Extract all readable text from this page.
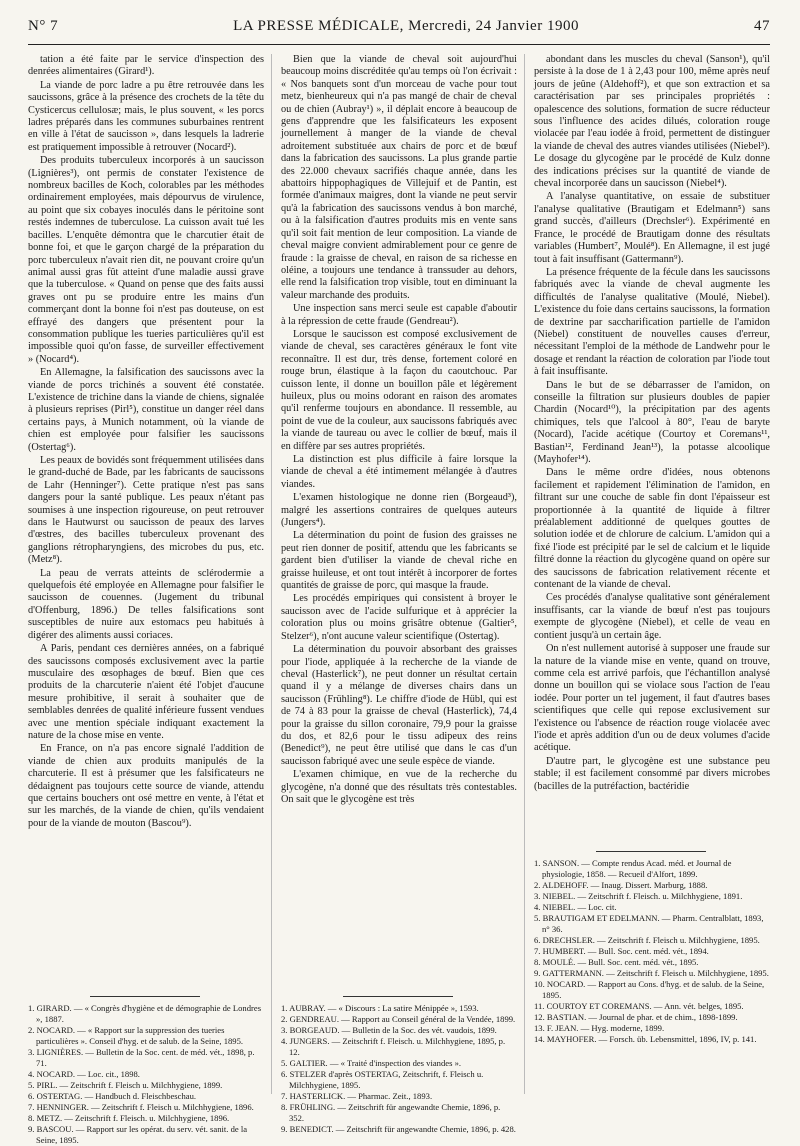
N° 7	LA PRESSE MÉDICALE, Mercredi, 24 Janvier 1900	47

tation a été faite par le service d'inspection des denrées alimentaires (Girard¹).

La viande de porc ladre a pu être retrouvée dans les saucissons, grâce à la présence des crochets de la tête du Cysticercus cellulosæ; mais, le plus souvent, « les porcs ladres préparés dans les communes suburbaines rentrent en ville à l'état de saucisson », dans lesquels la ladrerie est pratiquement impossible à retrouver (Nocard²).

Des produits tuberculeux incorporés à un saucisson (Lignières³), ont permis de constater l'existence de nombreux bacilles de Koch, colorables par les méthodes ordinairement employées, mais dépourvus de virulence, au point que six cobayes inoculés dans le péritoine sont restés indemnes de tuberculose. La cuisson avait tué les bacilles. L'enquête démontra que le charcutier était de bonne foi, et que le garçon chargé de la préparation du porc tuberculeux n'avait rien dit, ne pouvant croire qu'un animal aussi gras fût atteint d'une maladie aussi grave que la tuberculose. « Quand on pense que des faits aussi graves ont pu se produire entre les mains d'un commerçant dont la bonne foi n'est pas douteuse, on est effrayé des dangers que présentent pour la consommation publique les tueries particulières qu'il est impossible quoi qu'on fasse, de surveiller effectivement » (Nocard⁴).

En Allemagne, la falsification des saucissons avec la viande de porcs trichinés a souvent été constatée. L'existence de trichine dans la viande de chiens, signalée à plusieurs reprises (Pirl⁵), constitue un danger réel dans certains pays, à Munich notamment, où la viande de chien est employée pour falsifier les saucissons (Ostertag⁶).

Les peaux de bovidés sont fréquemment utilisées dans le grand-duché de Bade, par les fabricants de saucissons de Lahr (Henninger⁷). Cette pratique n'est pas sans dangers pour la santé publique. Les peaux n'étant pas soumises à une inspection rigoureuse, on peut retrouver dans le Hautwurst ou saucisson de peaux des larves d'œstres, des bacilles tuberculeux provenant des ganglions rétropharyngiens, des microbes du pus, etc. (Metz⁸).

La peau de verrats atteints de sclérodermie a quelquefois été employée en Allemagne pour falsifier le saucisson de couennes. (Jugement du tribunal d'Offenburg, 1896.) De telles falsifications sont susceptibles de nuire aux estomacs peu habitués à digérer des aliments aussi coriaces.

A Paris, pendant ces dernières années, on a fabriqué des saucissons composés exclusivement avec la partie musculaire des œsophages de bœuf. Bien que ces produits de la charcuterie n'aient été l'objet d'aucune mesure prohibitive, il serait à souhaiter que de semblables denrées de qualité inférieure fussent vendues avec une mention spéciale indiquant exactement la nature de la chose mise en vente.

En France, on n'a pas encore signalé l'addition de viande de chien aux produits manipulés de la charcuterie. Il est à présumer que les falsificateurs ne dédaignent pas toujours cette source de viande, attendu que certains bouchers ont osé mettre en vente, à l'état et sur les marchés, de la viande de chien, qu'ils vendaient pour de la viande de mouton (Bascou⁹).

Bien que la viande de cheval soit aujourd'hui beaucoup moins discréditée qu'au temps où l'on écrivait : « Nos banquets sont d'un morceau de vache pour tout metz, bienheureux qui n'a pas mangé de chair de cheval ou de chien (Aubray¹) », il déplait encore à beaucoup de gens d'apprendre que les falsificateurs les exposent journellement à manger de la viande de cheval adroitement substituée aux chairs de porc et de bœuf dans la fabrication des saucissons. La plus grande partie des 22.000 chevaux sacrifiés chaque année, dans les abattoirs hippophagiques de Villejuif et de Pantin, est formée d'animaux maigres, dont la viande ne peut servir qu'à la fabrication des saucissons vendus à bon marché, ou à la falsification d'autres produits mis en vente sans qu'il soit fait mention de leur composition. La viande de cheval maigre convient admirablement pour ce genre de fraude : la graisse de cheval, en raison de sa richesse en oléine, a toujours une tendance à transsuder au dehors, elle rend la falsification trop visible, tout en diminuant la valeur marchande des produits.

Une inspection sans merci seule est capable d'aboutir à la répression de cette fraude (Gendreau²).

Lorsque le saucisson est composé exclusivement de viande de cheval, ses caractères généraux le font vite reconnaître. Il est dur, très dense, fortement coloré en rouge brun, élastique à la façon du caoutchouc. Par cuisson lente, il donne un bouillon pâle et légèrement huileux, plus ou moins odorant en raison des aromates qu'il renferme toujours en abondance. Il ressemble, au point de vue de la couleur, aux saucissons fabriqués avec la viande de taureau ou avec le collier de bœuf, mais il en diffère par ses autres propriétés.

La distinction est plus difficile à faire lorsque la viande de cheval a été intimement mélangée à d'autres viandes.

L'examen histologique ne donne rien (Borgeaud³), malgré les assertions contraires de quelques auteurs (Jungers⁴).

La détermination du point de fusion des graisses ne peut rien donner de positif, attendu que les fabricants se gardent bien d'utiliser la viande de cheval riche en graisse huileuse, et ont tout intérêt à incorporer de fortes quantités de graisse de porc, qui masque la fraude.

Les procédés empiriques qui consistent à broyer le saucisson avec de l'acide sulfurique et à apprécier la coloration plus ou moins grisâtre obtenue (Galtier⁵, Stelzer⁶), n'ont aucune valeur scientifique (Ostertag).

La détermination du pouvoir absorbant des graisses pour l'iode, appliquée à la recherche de la viande de cheval (Hasterlick⁷), ne peut donner un résultat certain quand il y a mélange de diverses chairs dans un saucisson (Frühling⁸). Le chiffre d'iode de Hübl, qui est de 74 à 83 pour la graisse de cheval (Hasterlick), 74,4 pour la graisse du sillon coronaire, 79,9 pour la graisse du dos, et 82,6 pour le tissu adipeux des reins (Benedict⁹), ne peut être utilisé que dans le cas d'un saucisson fabriqué avec une seule espèce de viande.

L'examen chimique, en vue de la recherche du glycogène, n'a donné que des résultats très contestables. On sait que le glycogène est très

abondant dans les muscles du cheval (Sanson¹), qu'il persiste à la dose de 1 à 2,43 pour 100, même après neuf jours de jeûne (Aldehoff²), et que son extraction et sa caractérisation par ses principales propriétés : opalescence des solutions, formation de sucre réducteur sous l'influence des acides dilués, coloration rouge violacée par l'eau iodée à froid, permettent de distinguer la viande de cheval des autres viandes utilisées (Niebel³). Le dosage du glycogène par le procédé de Kulz donne des indications précises sur la quantité de viande de cheval incorporée dans un saucisson (Niebel⁴).

A l'analyse quantitative, on essaie de substituer l'analyse qualitative (Brautigam et Edelmann⁵) sans grand succès, d'ailleurs (Drechsler⁶). Expérimenté en France, le procédé de Brautigam donne des résultats variables (Humbert⁷, Moulé⁸). En Allemagne, il est jugé tout à fait insuffisant (Gattermann⁹).

La présence fréquente de la fécule dans les saucissons fabriqués avec la viande de cheval augmente les difficultés de l'analyse qualitative (Moulé, Niebel). L'existence du foie dans certains saucissons, la formation de dextrine par saccharification partielle de l'amidon (Niebel) constituent de nouvelles causes d'erreur, nécessitant l'emploi de la méthode de Landwehr pour le dosage et rendant la réaction de coloration par l'iode tout à fait insuffisante.

Dans le but de se débarrasser de l'amidon, on conseille la filtration sur plusieurs doubles de papier Chardin (Nocard¹⁰), la précipitation par des agents chimiques, tels que l'alcool à 80°, l'eau de baryte (Nocard), l'acide acétique (Courtoy et Coremans¹¹, Bastian¹², Ferdinand Jean¹³), la potasse alcoolique (Mayhofer¹⁴).

Dans le même ordre d'idées, nous obtenons facilement et rapidement l'élimination de l'amidon, en filtrant sur une couche de sable fin dont l'épaisseur est proportionnée à la quantité de liquide à filtrer préalablement additionné de quelques gouttes de solution iodée et de chlorure de calcium. L'amidon qui a fixé l'iode est précipité par le sel de calcium et le liquide filtré donne la réaction du glycogène quand on opère sur des saucissons de fabrication relativement récente et contenant de la viande de cheval.

Ces procédés d'analyse qualitative sont généralement insuffisants, car la viande de bœuf n'est pas toujours exempte de glycogène (Niebel), et celle de veau en contient jusqu'à un certain âge.

On n'est nullement autorisé à supposer une fraude sur la nature de la viande mise en vente, quand on trouve, comme cela est arrivé parfois, que l'échantillon analysé donne un bouillon qui se violace sous l'action de l'eau iodée. Pour porter un tel jugement, il faut d'autres bases scientifiques que celle qui repose exclusivement sur l'existence ou l'absence de réaction rouge violacée avec l'iode et après addition d'un ou de deux volumes d'acide acétique.

D'autre part, le glycogène est une substance peu stable; il est facilement consommé par divers microbes (bacilles de la putréfaction, bactéridie

1. GIRARD. — « Congrès d'hygiène et de démographie de Londres », 1887.
2. NOCARD. — « Rapport sur la suppression des tueries particulières ». Conseil d'hyg. et de salub. de la Seine, 1895.
3. LIGNIÈRES. — Bulletin de la Soc. cent. de méd. vét., 1898, p. 71.
4. NOCARD. — Loc. cit., 1898.
5. PIRL. — Zeitschrift f. Fleisch u. Milchhygiene, 1899.
6. OSTERTAG. — Handbuch d. Fleischbeschau.
7. HENNINGER. — Zeitschrift f. Fleisch u. Milchhygiene, 1896.
8. METZ. — Zeitschrift f. Fleisch. u. Milchhygiene, 1896.
9. BASCOU. — Rapport sur les opérat. du serv. vét. sanit. de la Seine, 1895.
1. AUBRAY. — « Discours : La satire Ménippée », 1593.
2. GENDREAU. — Rapport au Conseil général de la Vendée, 1899.
3. BORGEAUD. — Bulletin de la Soc. des vét. vaudois, 1899.
4. JUNGERS. — Zeitschrift f. Fleisch. u. Milchhygiene, 1895, p. 12.
5. GALTIER. — « Traité d'inspection des viandes ».
6. STELZER d'après OSTERTAG, Zeitschrift, f. Fleisch u. Milchhygiene, 1895.
7. HASTERLICK. — Pharmac. Zeit., 1893.
8. FRÜHLING. — Zeitschrift für angewandte Chemie, 1896, p. 352.
9. BENEDICT. — Zeitschrift für angewandte Chemie, 1896, p. 428.
1. SANSON. — Compte rendus Acad. méd. et Journal de physiologie, 1858. — Recueil d'Alfort, 1899.
2. ALDEHOFF. — Inaug. Dissert. Marburg, 1888.
3. NIEBEL. — Zeitschrift f. Fleisch. u. Milchhygiene, 1891.
4. NIEBEL. — Loc. cit.
5. BRAUTIGAM ET EDELMANN. — Pharm. Centralblatt, 1893, n° 36.
6. DRECHSLER. — Zeitschrift f. Fleisch u. Milchhygiene, 1895.
7. HUMBERT. — Bull. Soc. cent. méd. vét., 1894.
8. MOULÉ. — Bull. Soc. cent. méd. vét., 1895.
9. GATTERMANN. — Zeitschrift f. Fleisch u. Milchhygiene, 1895.
10. NOCARD. — Rapport au Cons. d'hyg. et de salub. de la Seine, 1895.
11. COURTOY ET COREMANS. — Ann. vét. belges, 1895.
12. BASTIAN. — Journal de phar. et de chim., 1898-1899.
13. F. JEAN. — Hyg. moderne, 1899.
14. MAYHOFER. — Forsch. üb. Lebensmittel, 1896, IV, p. 141.
